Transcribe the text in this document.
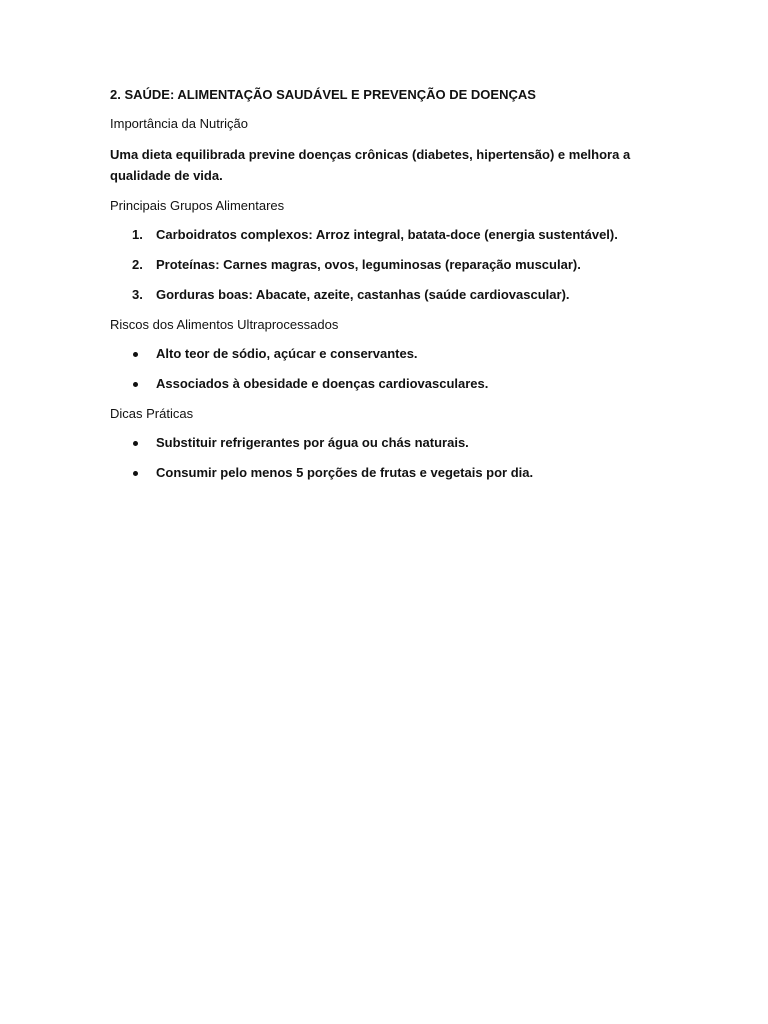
2. SAÚDE: ALIMENTAÇÃO SAUDÁVEL E PREVENÇÃO DE DOENÇAS
Importância da Nutrição
Uma dieta equilibrada previne doenças crônicas (diabetes, hipertensão) e melhora a qualidade de vida.
Principais Grupos Alimentares
1. Carboidratos complexos: Arroz integral, batata-doce (energia sustentável).
2. Proteínas: Carnes magras, ovos, leguminosas (reparação muscular).
3. Gorduras boas: Abacate, azeite, castanhas (saúde cardiovascular).
Riscos dos Alimentos Ultraprocessados
Alto teor de sódio, açúcar e conservantes.
Associados à obesidade e doenças cardiovasculares.
Dicas Práticas
Substituir refrigerantes por água ou chás naturais.
Consumir pelo menos 5 porções de frutas e vegetais por dia.
